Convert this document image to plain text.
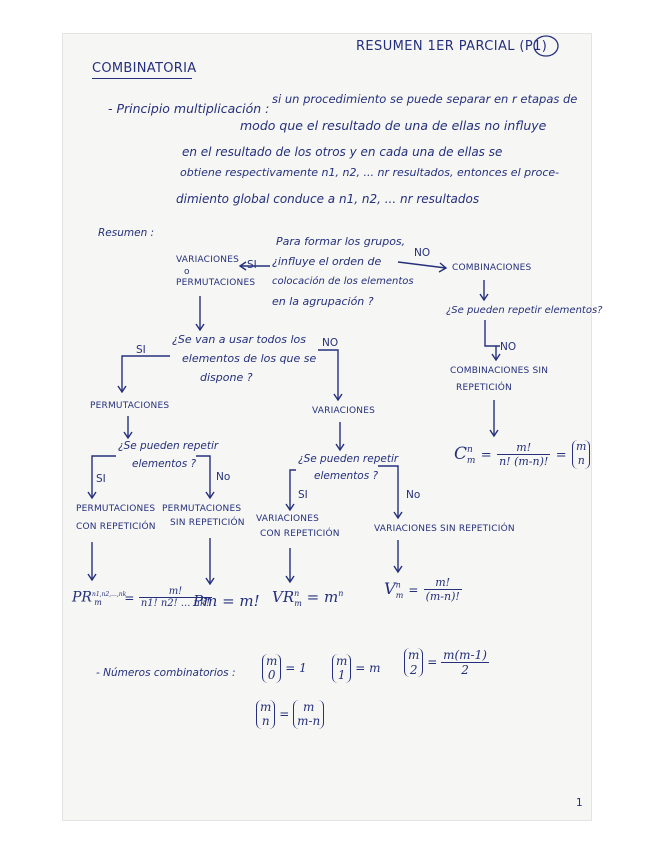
COMBINATORIA
RESUMEN 1ER PARCIAL (P1)
- Principio multiplicación :
si un procedimiento se puede separar en r etapas de
modo que el resultado de una de ellas no influye
en el resultado de los otros y en cada una de ellas se
obtiene respectivamente n1, n2, ... nr resultados, entonces el proce-
dimiento global conduce a n1, n2, ... nr resultados
Resumen :
Para formar los grupos,
¿influye el orden de
colocación de los elementos
en la agrupación ?
VARIACIONES
o
PERMUTACIONES
SI
NO
COMBINACIONES
¿Se pueden repetir elementos?
NO
COMBINACIONES SIN
REPETICIÓN
¿Se van a usar todos los
elementos de los que se
dispone ?
SI
NO
PERMUTACIONES	VARIACIONES
¿Se pueden repetir
elementos ?
SI	No
¿Se pueden repetir
elementos ?
SI	No
PERMUTACIONES
CON REPETICIÓN
PERMUTACIONES
SIN REPETICIÓN VARIACIONES
CON REPETICIÓN	VARIACIONES SIN REPETICIÓN
$C^n_m = \frac{m!}{n! (m-n)!}$ =
m
n
$PR^{n1,n2,...,nk}_m = \frac{m!}{n1! n2! ... nk!}$
Pm = m! $VR^n_m = m^n$	$V^n_m = \frac{m!}{(m-n)!}$
- Números combinatorios :
m
0
= 1 m
1
= m
m
2
= $\frac{m(m-1)}{2}$
m
n
=	m
m-n
1
